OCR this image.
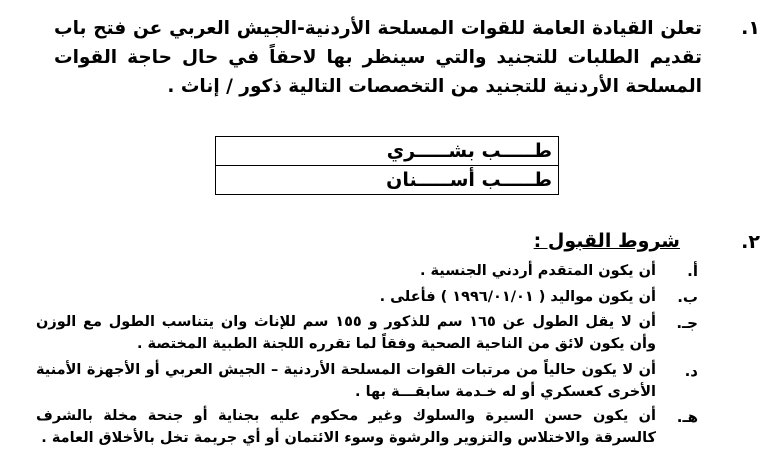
١.
تعلن القيادة العامة للقوات المسلحة الأردنية-الجيش العربي عن فتح باب تقديم الطلبات للتجنيد والتي سينظر بها لاحقاً في حال حاجة القوات المسلحة الأردنية للتجنيد من التخصصات التالية ذكور / إناث .
طـــــب بشـــــري
طـــــب أســـــنان
٢.
شروط القبول :
أ.
أن يكون المتقدم أردني الجنسية .
ب.
أن يكون مواليد ( ١٩٩٦/٠١/٠١ ) فأعلى .
جـ.
أن لا يقل الطول عن ١٦٥ سم للذكور و ١٥٥ سم للإناث وان يتناسب الطول مع الوزن وأن يكون لائق من الناحية الصحية وفقاً لما تقرره اللجنة الطبية المختصة .
د.
أن لا يكون حالياً من مرتبات القوات المسلحة الأردنية – الجيش العربي أو الأجهزة الأمنية الأخرى كعسكري أو له خـدمة سابقـــة بها .
هـ.
أن يكون حسن السيرة والسلوك وغير محكوم عليه بجناية أو جنحة مخلة بالشرف كالسرقة والاختلاس والتزوير والرشوة وسوء الائتمان أو أي جريمة تخل بالأخلاق العامة .
